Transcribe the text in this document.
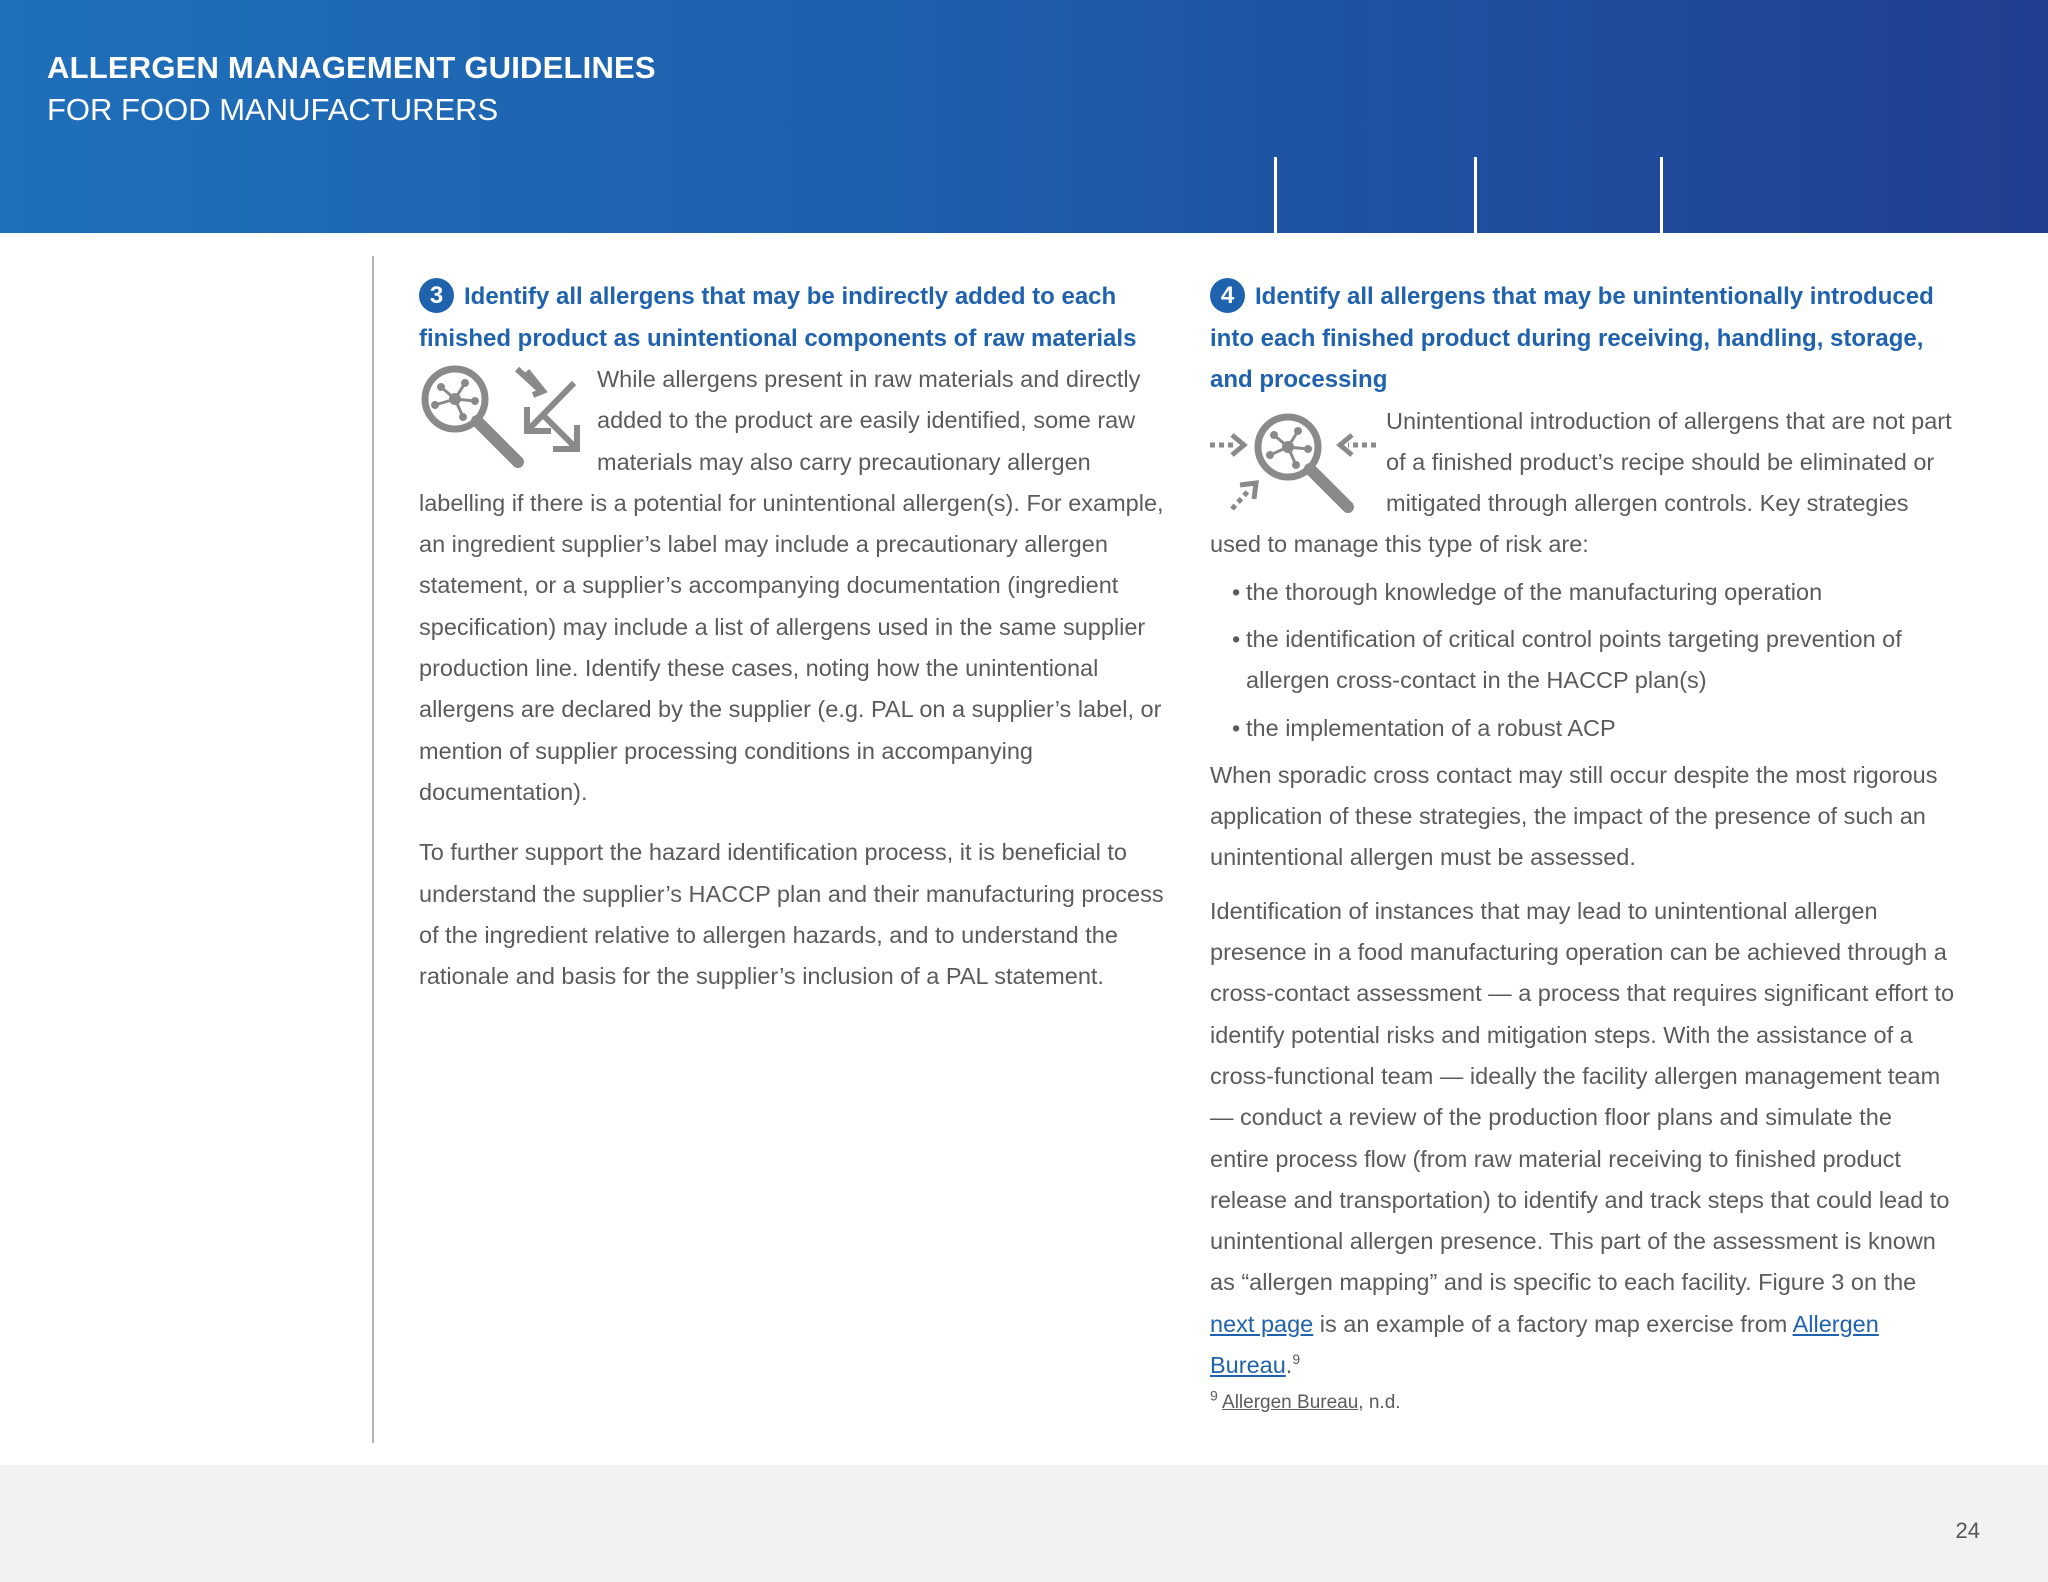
ALLERGEN MANAGEMENT GUIDELINES
FOR FOOD MANUFACTURERS

3 Identify all allergens that may be indirectly added to each finished product as unintentional components of raw materials

While allergens present in raw materials and directly added to the product are easily identified, some raw materials may also carry precautionary allergen labelling if there is a potential for unintentional allergen(s). For example, an ingredient supplier’s label may include a precautionary allergen statement, or a supplier’s accompanying documentation (ingredient specification) may include a list of allergens used in the same supplier production line. Identify these cases, noting how the unintentional allergens are declared by the supplier (e.g. PAL on a supplier’s label, or mention of supplier processing conditions in accompanying documentation).

To further support the hazard identification process, it is beneficial to understand the supplier’s HACCP plan and their manufacturing process of the ingredient relative to allergen hazards, and to understand the rationale and basis for the supplier’s inclusion of a PAL statement.

4 Identify all allergens that may be unintentionally introduced into each finished product during receiving, handling, storage, and processing

Unintentional introduction of allergens that are not part of a finished product’s recipe should be eliminated or mitigated through allergen controls. Key strategies used to manage this type of risk are:

• the thorough knowledge of the manufacturing operation
• the identification of critical control points targeting prevention of allergen cross-contact in the HACCP plan(s)
• the implementation of a robust ACP

When sporadic cross contact may still occur despite the most rigorous application of these strategies, the impact of the presence of such an unintentional allergen must be assessed.

Identification of instances that may lead to unintentional allergen presence in a food manufacturing operation can be achieved through a cross-contact assessment — a process that requires significant effort to identify potential risks and mitigation steps. With the assistance of a cross-functional team — ideally the facility allergen management team — conduct a review of the production floor plans and simulate the entire process flow (from raw material receiving to finished product release and transportation) to identify and track steps that could lead to unintentional allergen presence. This part of the assessment is known as “allergen mapping” and is specific to each facility. Figure 3 on the next page is an example of a factory map exercise from Allergen Bureau.$^9$

$^9$ Allergen Bureau, n.d.
24
